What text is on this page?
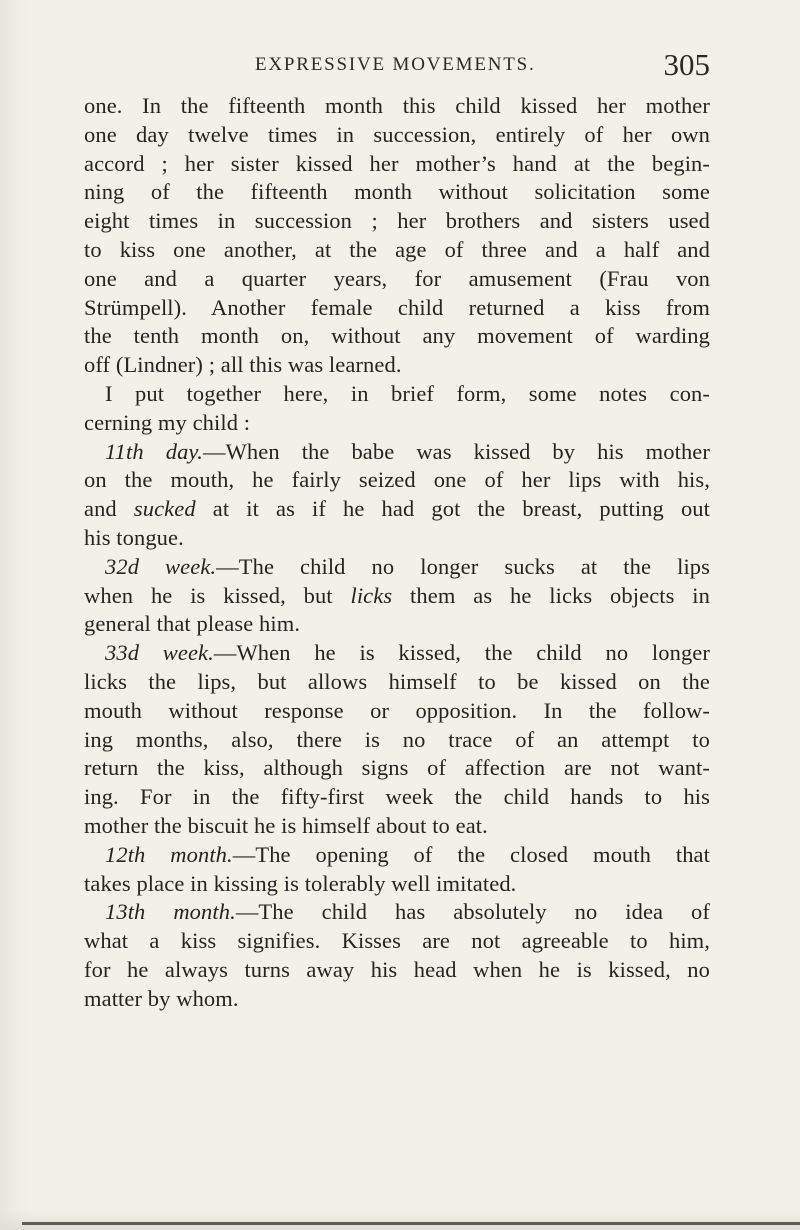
EXPRESSIVE MOVEMENTS.	305
one. In the fifteenth month this child kissed her mother
one day twelve times in succession, entirely of her own
accord ; her sister kissed her mother’s hand at the begin-
ning of the fifteenth month without solicitation some
eight times in succession ; her brothers and sisters used
to kiss one another, at the age of three and a half and
one and a quarter years, for amusement (Frau von
Strümpell). Another female child returned a kiss from
the tenth month on, without any movement of warding
off (Lindner) ; all this was learned.
I put together here, in brief form, some notes con-
cerning my child :
11th day.—When the babe was kissed by his mother
on the mouth, he fairly seized one of her lips with his,
and sucked at it as if he had got the breast, putting out
his tongue.
32d week.—The child no longer sucks at the lips
when he is kissed, but licks them as he licks objects in
general that please him.
33d week.—When he is kissed, the child no longer
licks the lips, but allows himself to be kissed on the
mouth without response or opposition. In the follow-
ing months, also, there is no trace of an attempt to
return the kiss, although signs of affection are not want-
ing. For in the fifty-first week the child hands to his
mother the biscuit he is himself about to eat.
12th month.—The opening of the closed mouth that
takes place in kissing is tolerably well imitated.
13th month.—The child has absolutely no idea of
what a kiss signifies. Kisses are not agreeable to him,
for he always turns away his head when he is kissed, no
matter by whom.
